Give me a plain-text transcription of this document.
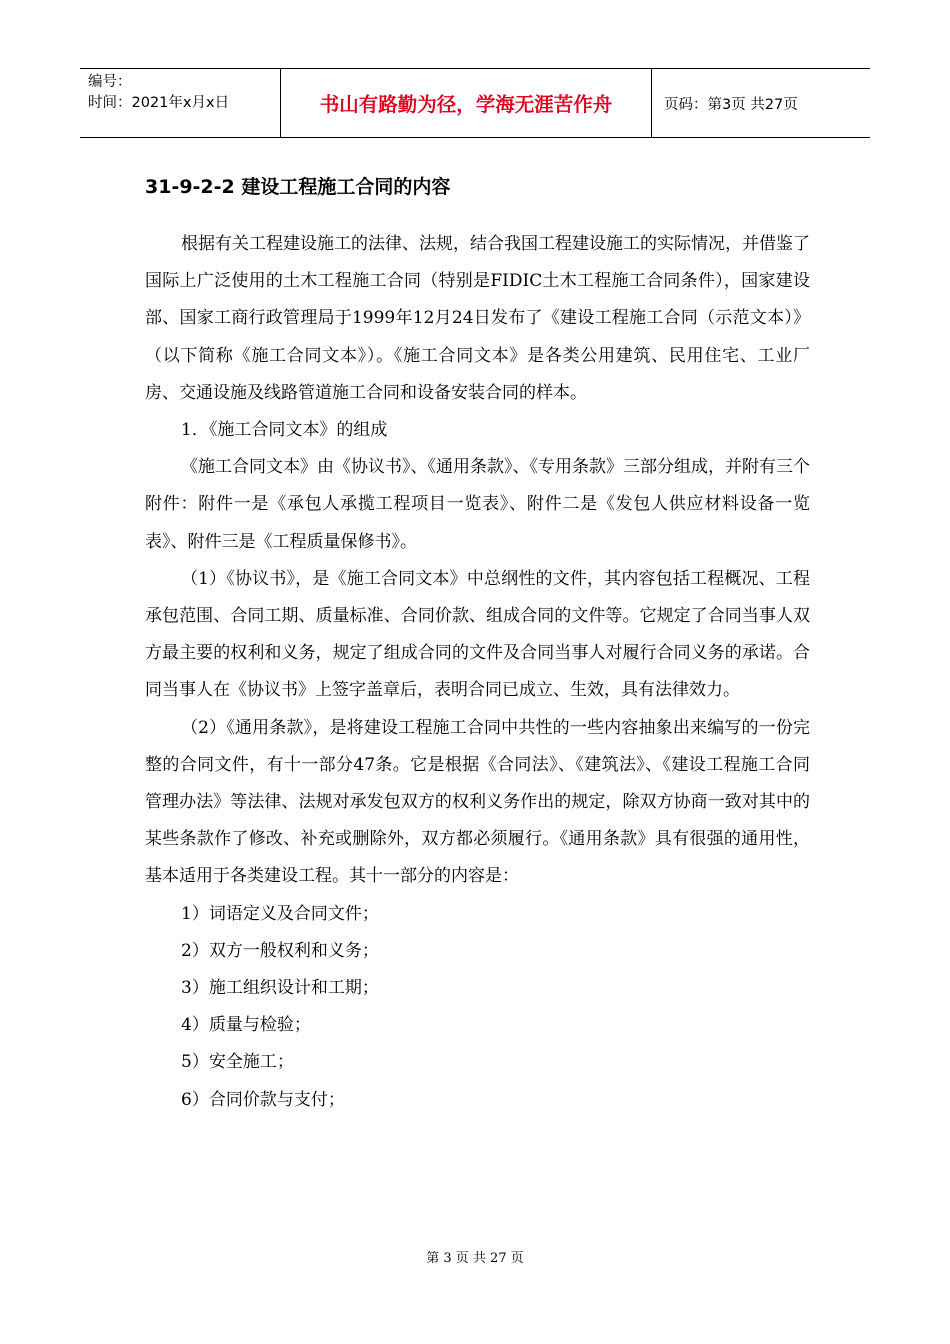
编号：
时间：2021年x月x日	书山有路勤为径，学海无涯苦作舟	页码：第3页 共27页
31-9-2-2 建设工程施工合同的内容

根据有关工程建设施工的法律、法规，结合我国工程建设施工的实际情况，并借鉴了国际上广泛使用的土木工程施工合同（特别是FIDIC土木工程施工合同条件），国家建设部、国家工商行政管理局于1999年12月24日发布了《建设工程施工合同（示范文本）》（以下简称《施工合同文本》）。《施工合同文本》是各类公用建筑、民用住宅、工业厂房、交通设施及线路管道施工合同和设备安装合同的样本。

1．《施工合同文本》的组成

《施工合同文本》由《协议书》、《通用条款》、《专用条款》三部分组成，并附有三个附件：附件一是《承包人承揽工程项目一览表》、附件二是《发包人供应材料设备一览表》、附件三是《工程质量保修书》。

（1）《协议书》，是《施工合同文本》中总纲性的文件，其内容包括工程概况、工程承包范围、合同工期、质量标准、合同价款、组成合同的文件等。它规定了合同当事人双方最主要的权利和义务，规定了组成合同的文件及合同当事人对履行合同义务的承诺。合同当事人在《协议书》上签字盖章后，表明合同已成立、生效，具有法律效力。

（2）《通用条款》，是将建设工程施工合同中共性的一些内容抽象出来编写的一份完整的合同文件，有十一部分47条。它是根据《合同法》、《建筑法》、《建设工程施工合同管理办法》等法律、法规对承发包双方的权利义务作出的规定，除双方协商一致对其中的某些条款作了修改、补充或删除外，双方都必须履行。《通用条款》具有很强的通用性，基本适用于各类建设工程。其十一部分的内容是：

1）词语定义及合同文件；

2）双方一般权利和义务；

3）施工组织设计和工期；

4）质量与检验；

5）安全施工；

6）合同价款与支付；

第 3 页 共 27 页
